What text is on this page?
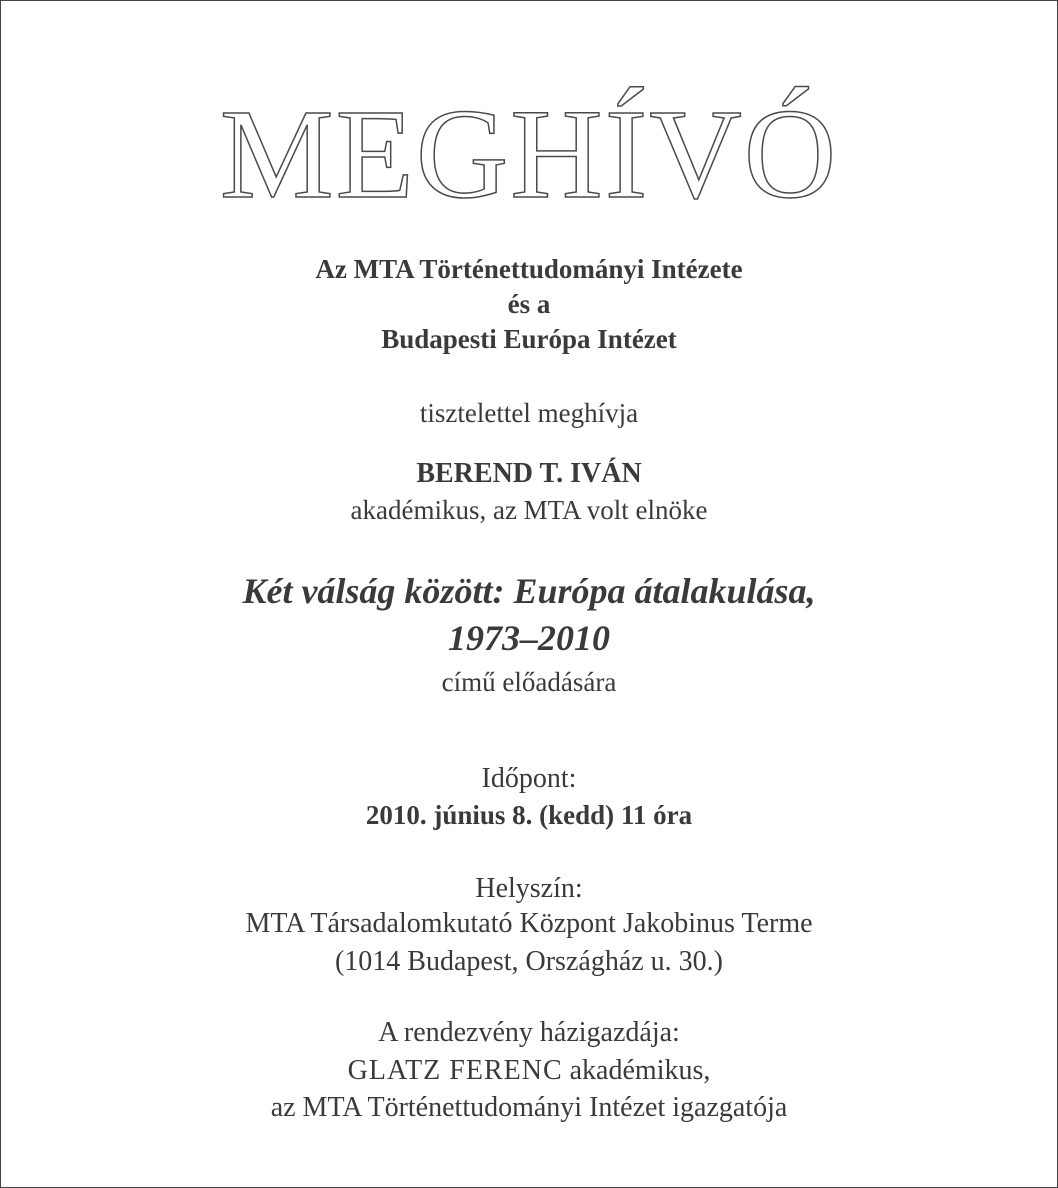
MEGHÍVÓ
Az MTA Történettudományi Intézete
és a
Budapesti Európa Intézet
tisztelettel meghívja
BEREND T. IVÁN
akadémikus, az MTA volt elnöke
Két válság között: Európa átalakulása,
1973–2010
című előadására
Időpont:
2010. június 8. (kedd) 11 óra
Helyszín:
MTA Társadalomkutató Központ Jakobinus Terme
(1014 Budapest, Országház u. 30.)
A rendezvény házigazdája:
GLATZ FERENC akadémikus,
az MTA Történettudományi Intézet igazgatója
